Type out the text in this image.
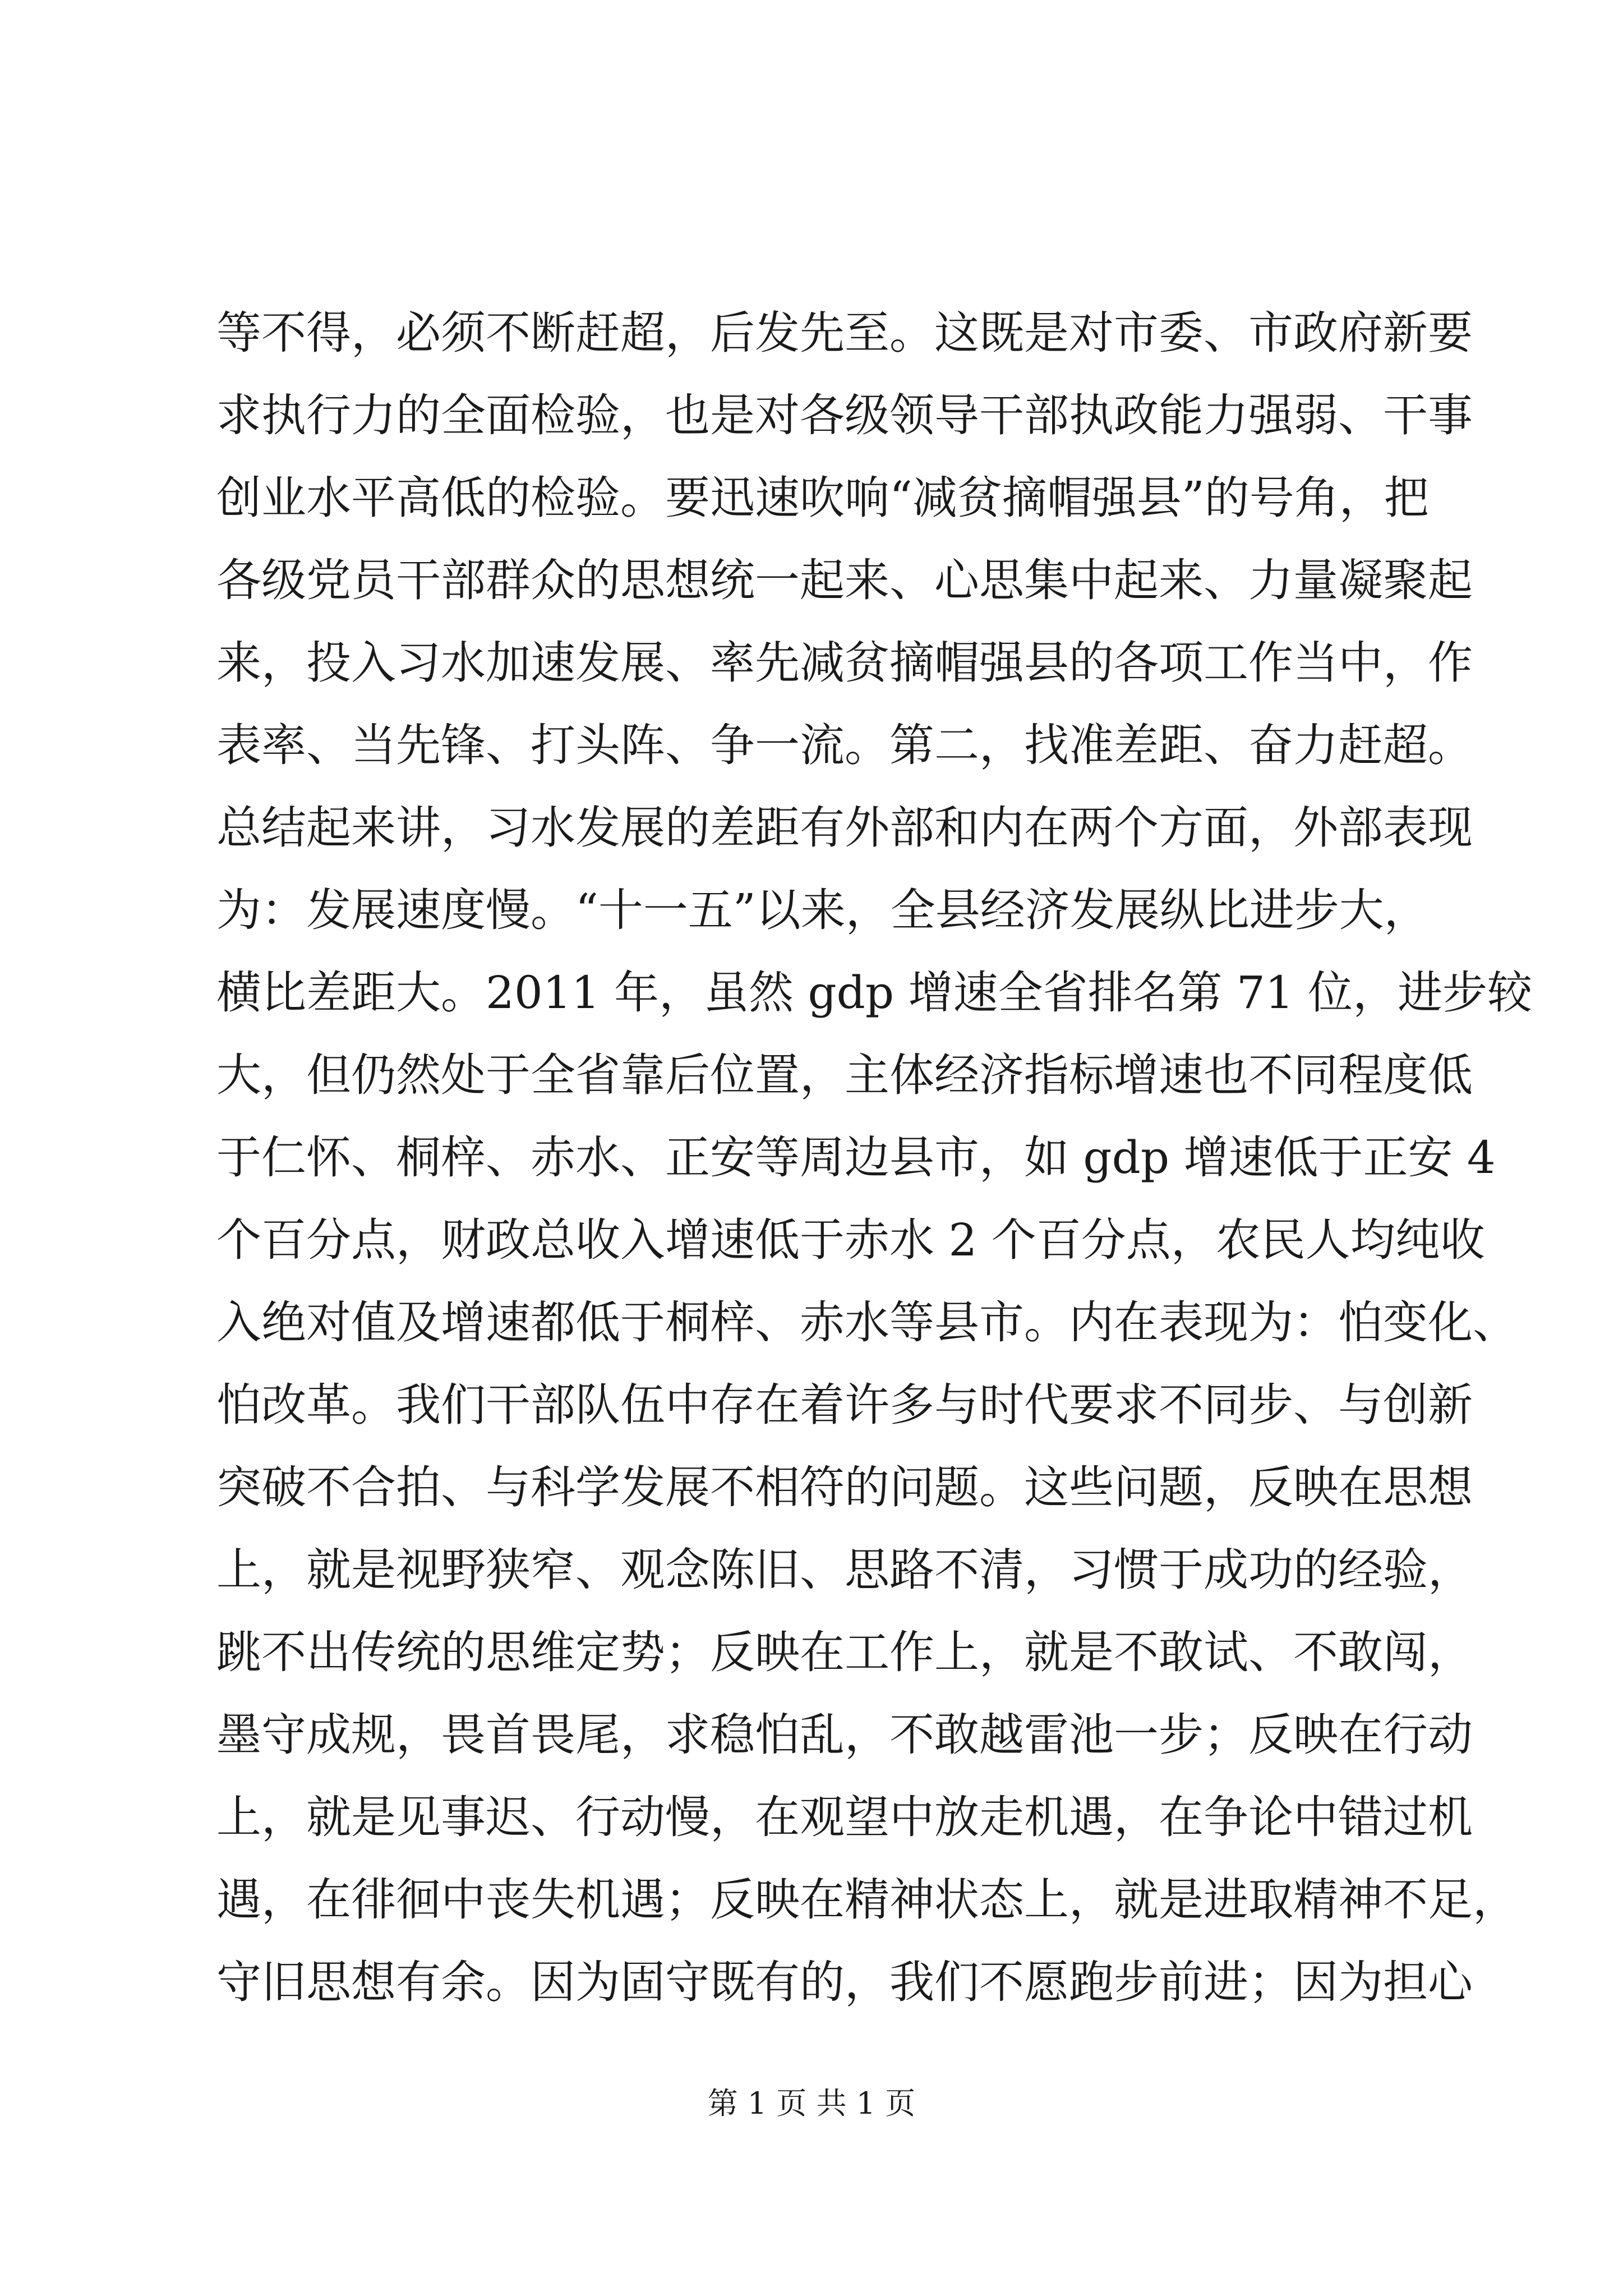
等不得，必须不断赶超，后发先至。这既是对市委、市政府新要
求执行力的全面检验，也是对各级领导干部执政能力强弱、干事
创业水平高低的检验。要迅速吹响“减贫摘帽强县”的号角，把
各级党员干部群众的思想统一起来、心思集中起来、力量凝聚起
来，投入习水加速发展、率先减贫摘帽强县的各项工作当中，作
表率、当先锋、打头阵、争一流。第二，找准差距、奋力赶超。
总结起来讲，习水发展的差距有外部和内在两个方面，外部表现
为：发展速度慢。“十一五”以来，全县经济发展纵比进步大，
横比差距大。2011 年，虽然 gdp 增速全省排名第 71 位，进步较
大，但仍然处于全省靠后位置，主体经济指标增速也不同程度低
于仁怀、桐梓、赤水、正安等周边县市，如 gdp 增速低于正安 4
个百分点，财政总收入增速低于赤水 2 个百分点，农民人均纯收
入绝对值及增速都低于桐梓、赤水等县市。内在表现为：怕变化、
怕改革。我们干部队伍中存在着许多与时代要求不同步、与创新
突破不合拍、与科学发展不相符的问题。这些问题，反映在思想
上，就是视野狭窄、观念陈旧、思路不清，习惯于成功的经验，
跳不出传统的思维定势；反映在工作上，就是不敢试、不敢闯，
墨守成规，畏首畏尾，求稳怕乱，不敢越雷池一步；反映在行动
上，就是见事迟、行动慢，在观望中放走机遇，在争论中错过机
遇，在徘徊中丧失机遇；反映在精神状态上，就是进取精神不足，
守旧思想有余。因为固守既有的，我们不愿跑步前进；因为担心
第 1 页 共 1 页
